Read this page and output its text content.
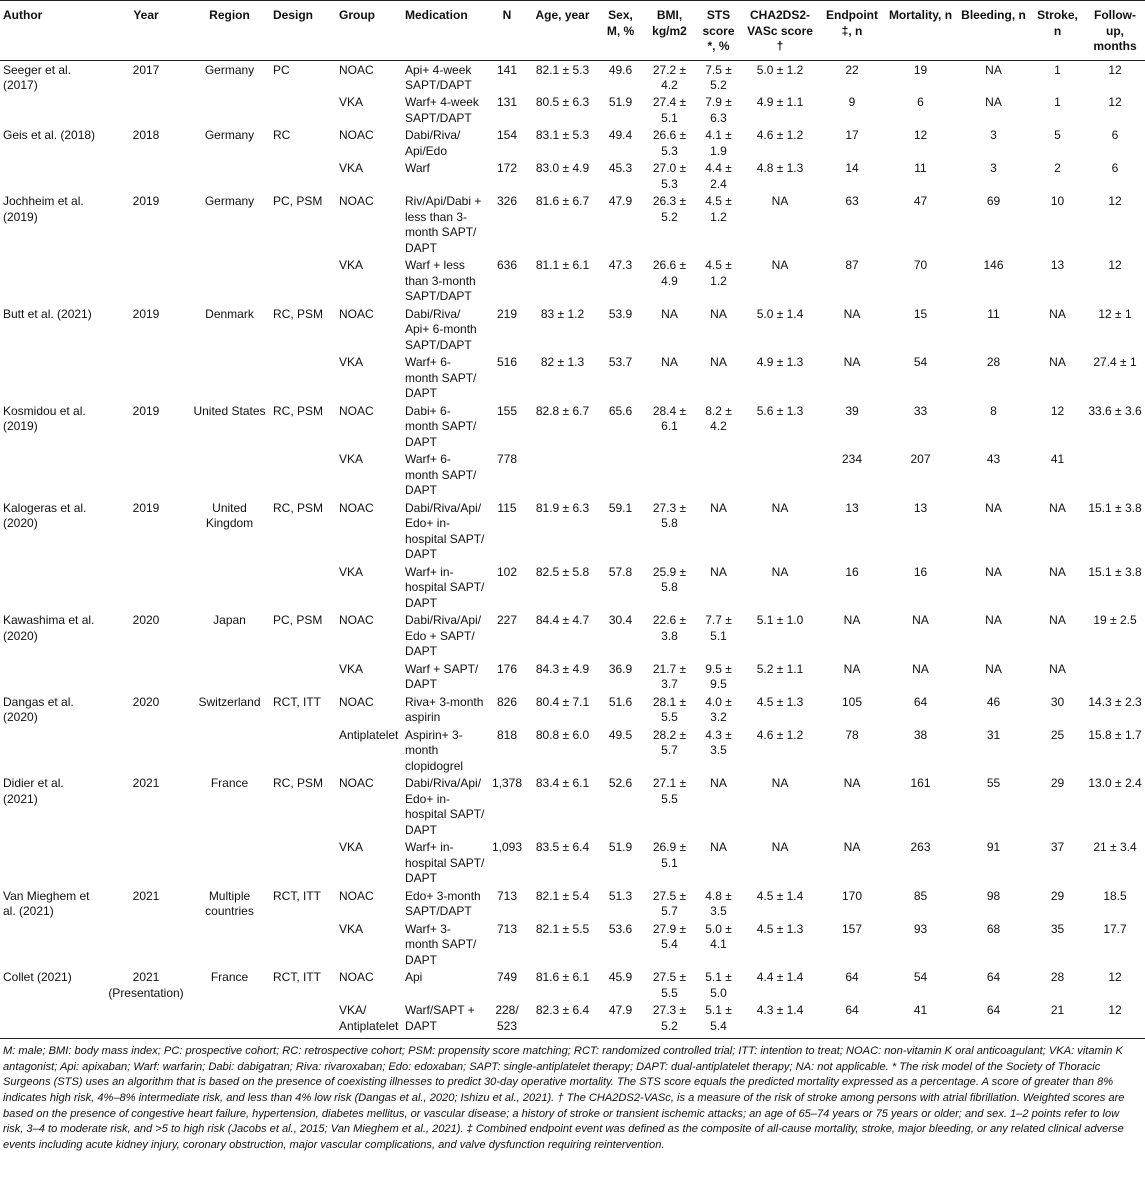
Author	Year	Region	Design	Group	Medication	N	Age, year	Sex, M, %	BMI, kg/m2	STS score *, %	CHA2DS2-VASc score †	Endpoint ‡, n	Mortality, n	Bleeding, n	Stroke, n	Follow-up, months
Seeger et al. (2017)	2017	Germany	PC	NOAC	Api+ 4-week SAPT/DAPT	141	82.1 ± 5.3	49.6	27.2 ± 4.2	7.5 ± 5.2	5.0 ± 1.2	22	19	NA	1	12
				VKA	Warf+ 4-week SAPT/DAPT	131	80.5 ± 6.3	51.9	27.4 ± 5.1	7.9 ± 6.3	4.9 ± 1.1	9	6	NA	1	12
Geis et al. (2018)	2018	Germany	RC	NOAC	Dabi/Riva/ Api/Edo	154	83.1 ± 5.3	49.4	26.6 ± 5.3	4.1 ± 1.9	4.6 ± 1.2	17	12	3	5	6
				VKA	Warf	172	83.0 ± 4.9	45.3	27.0 ± 5.3	4.4 ± 2.4	4.8 ± 1.3	14	11	3	2	6
Jochheim et al. (2019)	2019	Germany	PC, PSM	NOAC	Riv/Api/Dabi + less than 3-month SAPT/ DAPT	326	81.6 ± 6.7	47.9	26.3 ± 5.2	4.5 ± 1.2	NA	63	47	69	10	12
				VKA	Warf + less than 3-month SAPT/DAPT	636	81.1 ± 6.1	47.3	26.6 ± 4.9	4.5 ± 1.2	NA	87	70	146	13	12
Butt et al. (2021)	2019	Denmark	RC, PSM	NOAC	Dabi/Riva/ Api+ 6-month SAPT/DAPT	219	83 ± 1.2	53.9	NA	NA	5.0 ± 1.4	NA	15	11	NA	12 ± 1
				VKA	Warf+ 6- month SAPT/ DAPT	516	82 ± 1.3	53.7	NA	NA	4.9 ± 1.3	NA	54	28	NA	27.4 ± 1
Kosmidou et al. (2019)	2019	United States	RC, PSM	NOAC	Dabi+ 6- month SAPT/ DAPT	155	82.8 ± 6.7	65.6	28.4 ± 6.1	8.2 ± 4.2	5.6 ± 1.3	39	33	8	12	33.6 ± 3.6
				VKA	Warf+ 6- month SAPT/ DAPT	778						234	207	43	41	
Kalogeras et al. (2020)	2019	United Kingdom	RC, PSM	NOAC	Dabi/Riva/Api/ Edo+ in- hospital SAPT/ DAPT	115	81.9 ± 6.3	59.1	27.3 ± 5.8	NA	NA	13	13	NA	NA	15.1 ± 3.8
				VKA	Warf+ in- hospital SAPT/ DAPT	102	82.5 ± 5.8	57.8	25.9 ± 5.8	NA	NA	16	16	NA	NA	15.1 ± 3.8
Kawashima et al. (2020)	2020	Japan	PC, PSM	NOAC	Dabi/Riva/Api/ Edo + SAPT/ DAPT	227	84.4 ± 4.7	30.4	22.6 ± 3.8	7.7 ± 5.1	5.1 ± 1.0	NA	NA	NA	NA	19 ± 2.5
				VKA	Warf + SAPT/ DAPT	176	84.3 ± 4.9	36.9	21.7 ± 3.7	9.5 ± 9.5	5.2 ± 1.1	NA	NA	NA	NA	
Dangas et al. (2020)	2020	Switzerland	RCT, ITT	NOAC	Riva+ 3-month aspirin	826	80.4 ± 7.1	51.6	28.1 ± 5.5	4.0 ± 3.2	4.5 ± 1.3	105	64	46	30	14.3 ± 2.3
				Antiplatelet	Aspirin+ 3- month clopidogrel	818	80.8 ± 6.0	49.5	28.2 ± 5.7	4.3 ± 3.5	4.6 ± 1.2	78	38	31	25	15.8 ± 1.7
Didier et al. (2021)	2021	France	RC, PSM	NOAC	Dabi/Riva/Api/ Edo+ in- hospital SAPT/ DAPT	1,378	83.4 ± 6.1	52.6	27.1 ± 5.5	NA	NA	NA	161	55	29	13.0 ± 2.4
				VKA	Warf+ in- hospital SAPT/ DAPT	1,093	83.5 ± 6.4	51.9	26.9 ± 5.1	NA	NA	NA	263	91	37	21 ± 3.4
Van Mieghem et al. (2021)	2021	Multiple countries	RCT, ITT	NOAC	Edo+ 3-month SAPT/DAPT	713	82.1 ± 5.4	51.3	27.5 ± 5.7	4.8 ± 3.5	4.5 ± 1.4	170	85	98	29	18.5
				VKA	Warf+ 3- month SAPT/ DAPT	713	82.1 ± 5.5	53.6	27.9 ± 5.4	5.0 ± 4.1	4.5 ± 1.3	157	93	68	35	17.7
Collet (2021)	2021 (Presentation)	France	RCT, ITT	NOAC	Api	749	81.6 ± 6.1	45.9	27.5 ± 5.5	5.1 ± 5.0	4.4 ± 1.4	64	54	64	28	12
				VKA/ Antiplatelet	Warf/SAPT + DAPT	228/ 523	82.3 ± 6.4	47.9	27.3 ± 5.2	5.1 ± 5.4	4.3 ± 1.4	64	41	64	21	12
M: male; BMI: body mass index; PC: prospective cohort; RC: retrospective cohort; PSM: propensity score matching; RCT: randomized controlled trial; ITT: intention to treat; NOAC: non-vitamin K oral anticoagulant; VKA: vitamin K antagonist; Api: apixaban; Warf: warfarin; Dabi: dabigatran; Riva: rivaroxaban; Edo: edoxaban; SAPT: single-antiplatelet therapy; DAPT: dual-antiplatelet therapy; NA: not applicable. * The risk model of the Society of Thoracic Surgeons (STS) uses an algorithm that is based on the presence of coexisting illnesses to predict 30-day operative mortality. The STS score equals the predicted mortality expressed as a percentage. A score of greater than 8% indicates high risk, 4%–8% intermediate risk, and less than 4% low risk (Dangas et al., 2020; Ishizu et al., 2021). † The CHA2DS2-VASc, is a measure of the risk of stroke among persons with atrial fibrillation. Weighted scores are based on the presence of congestive heart failure, hypertension, diabetes mellitus, or vascular disease; a history of stroke or transient ischemic attacks; an age of 65–74 years or 75 years or older; and sex. 1–2 points refer to low risk, 3–4 to moderate risk, and >5 to high risk (Jacobs et al., 2015; Van Mieghem et al., 2021). ‡ Combined endpoint event was defined as the composite of all-cause mortality, stroke, major bleeding, or any related clinical adverse events including acute kidney injury, coronary obstruction, major vascular complications, and valve dysfunction requiring reintervention.
